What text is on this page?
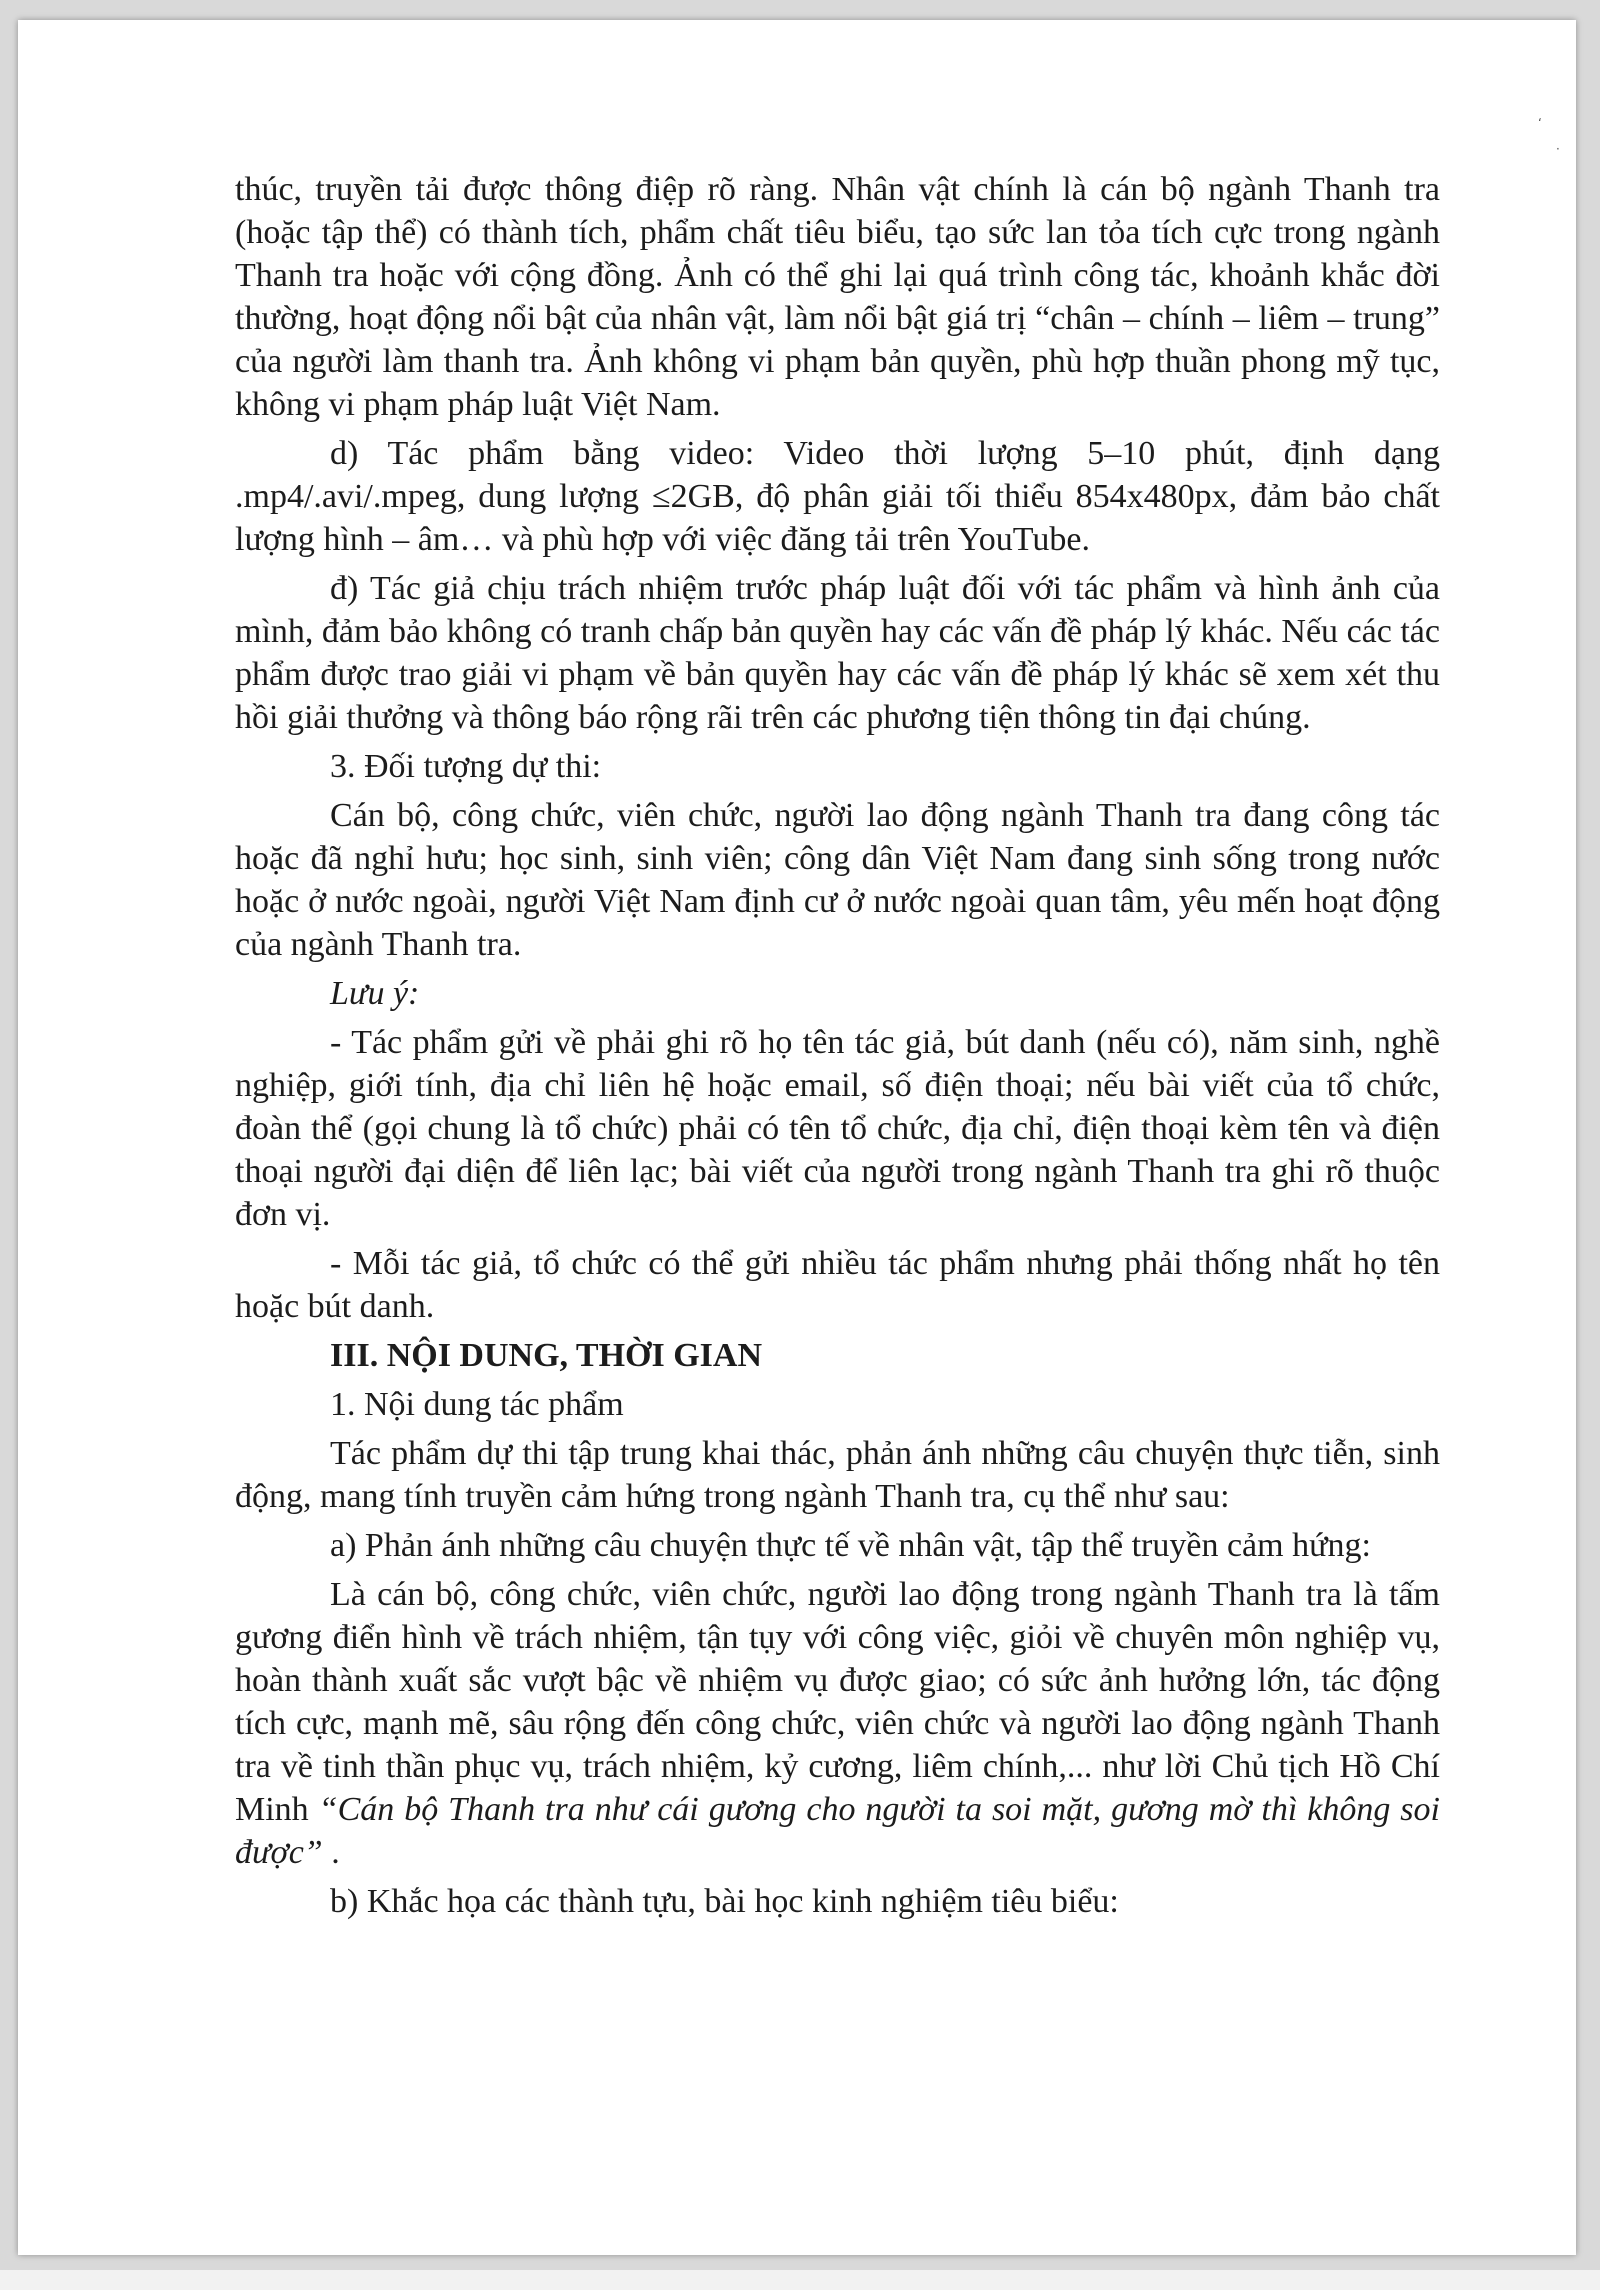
‘
·

thúc, truyền tải được thông điệp rõ ràng. Nhân vật chính là cán bộ ngành Thanh tra (hoặc tập thể) có thành tích, phẩm chất tiêu biểu, tạo sức lan tỏa tích cực trong ngành Thanh tra hoặc với cộng đồng. Ảnh có thể ghi lại quá trình công tác, khoảnh khắc đời thường, hoạt động nổi bật của nhân vật, làm nổi bật giá trị “chân – chính – liêm – trung” của người làm thanh tra. Ảnh không vi phạm bản quyền, phù hợp thuần phong mỹ tục, không vi phạm pháp luật Việt Nam.

d) Tác phẩm bằng video: Video thời lượng 5–10 phút, định dạng .mp4/.avi/.mpeg, dung lượng ≤2GB, độ phân giải tối thiểu 854x480px, đảm bảo chất lượng hình – âm… và phù hợp với việc đăng tải trên YouTube.

đ) Tác giả chịu trách nhiệm trước pháp luật đối với tác phẩm và hình ảnh của mình, đảm bảo không có tranh chấp bản quyền hay các vấn đề pháp lý khác. Nếu các tác phẩm được trao giải vi phạm về bản quyền hay các vấn đề pháp lý khác sẽ xem xét thu hồi giải thưởng và thông báo rộng rãi trên các phương tiện thông tin đại chúng.

3. Đối tượng dự thi:

Cán bộ, công chức, viên chức, người lao động ngành Thanh tra đang công tác hoặc đã nghỉ hưu; học sinh, sinh viên; công dân Việt Nam đang sinh sống trong nước hoặc ở nước ngoài, người Việt Nam định cư ở nước ngoài quan tâm, yêu mến hoạt động của ngành Thanh tra.

Lưu ý:

- Tác phẩm gửi về phải ghi rõ họ tên tác giả, bút danh (nếu có), năm sinh, nghề nghiệp, giới tính, địa chỉ liên hệ hoặc email, số điện thoại; nếu bài viết của tổ chức, đoàn thể (gọi chung là tổ chức) phải có tên tổ chức, địa chỉ, điện thoại kèm tên và điện thoại người đại diện để liên lạc; bài viết của người trong ngành Thanh tra ghi rõ thuộc đơn vị.

- Mỗi tác giả, tổ chức có thể gửi nhiều tác phẩm nhưng phải thống nhất họ tên hoặc bút danh.

III. NỘI DUNG, THỜI GIAN

1. Nội dung tác phẩm

Tác phẩm dự thi tập trung khai thác, phản ánh những câu chuyện thực tiễn, sinh động, mang tính truyền cảm hứng trong ngành Thanh tra, cụ thể như sau:

a) Phản ánh những câu chuyện thực tế về nhân vật, tập thể truyền cảm hứng:

Là cán bộ, công chức, viên chức, người lao động trong ngành Thanh tra là tấm gương điển hình về trách nhiệm, tận tụy với công việc, giỏi về chuyên môn nghiệp vụ, hoàn thành xuất sắc vượt bậc về nhiệm vụ được giao; có sức ảnh hưởng lớn, tác động tích cực, mạnh mẽ, sâu rộng đến công chức, viên chức và người lao động ngành Thanh tra về tinh thần phục vụ, trách nhiệm, kỷ cương, liêm chính,... như lời Chủ tịch Hồ Chí Minh “Cán bộ Thanh tra như cái gương cho người ta soi mặt, gương mờ thì không soi được” .

b) Khắc họa các thành tựu, bài học kinh nghiệm tiêu biểu:
